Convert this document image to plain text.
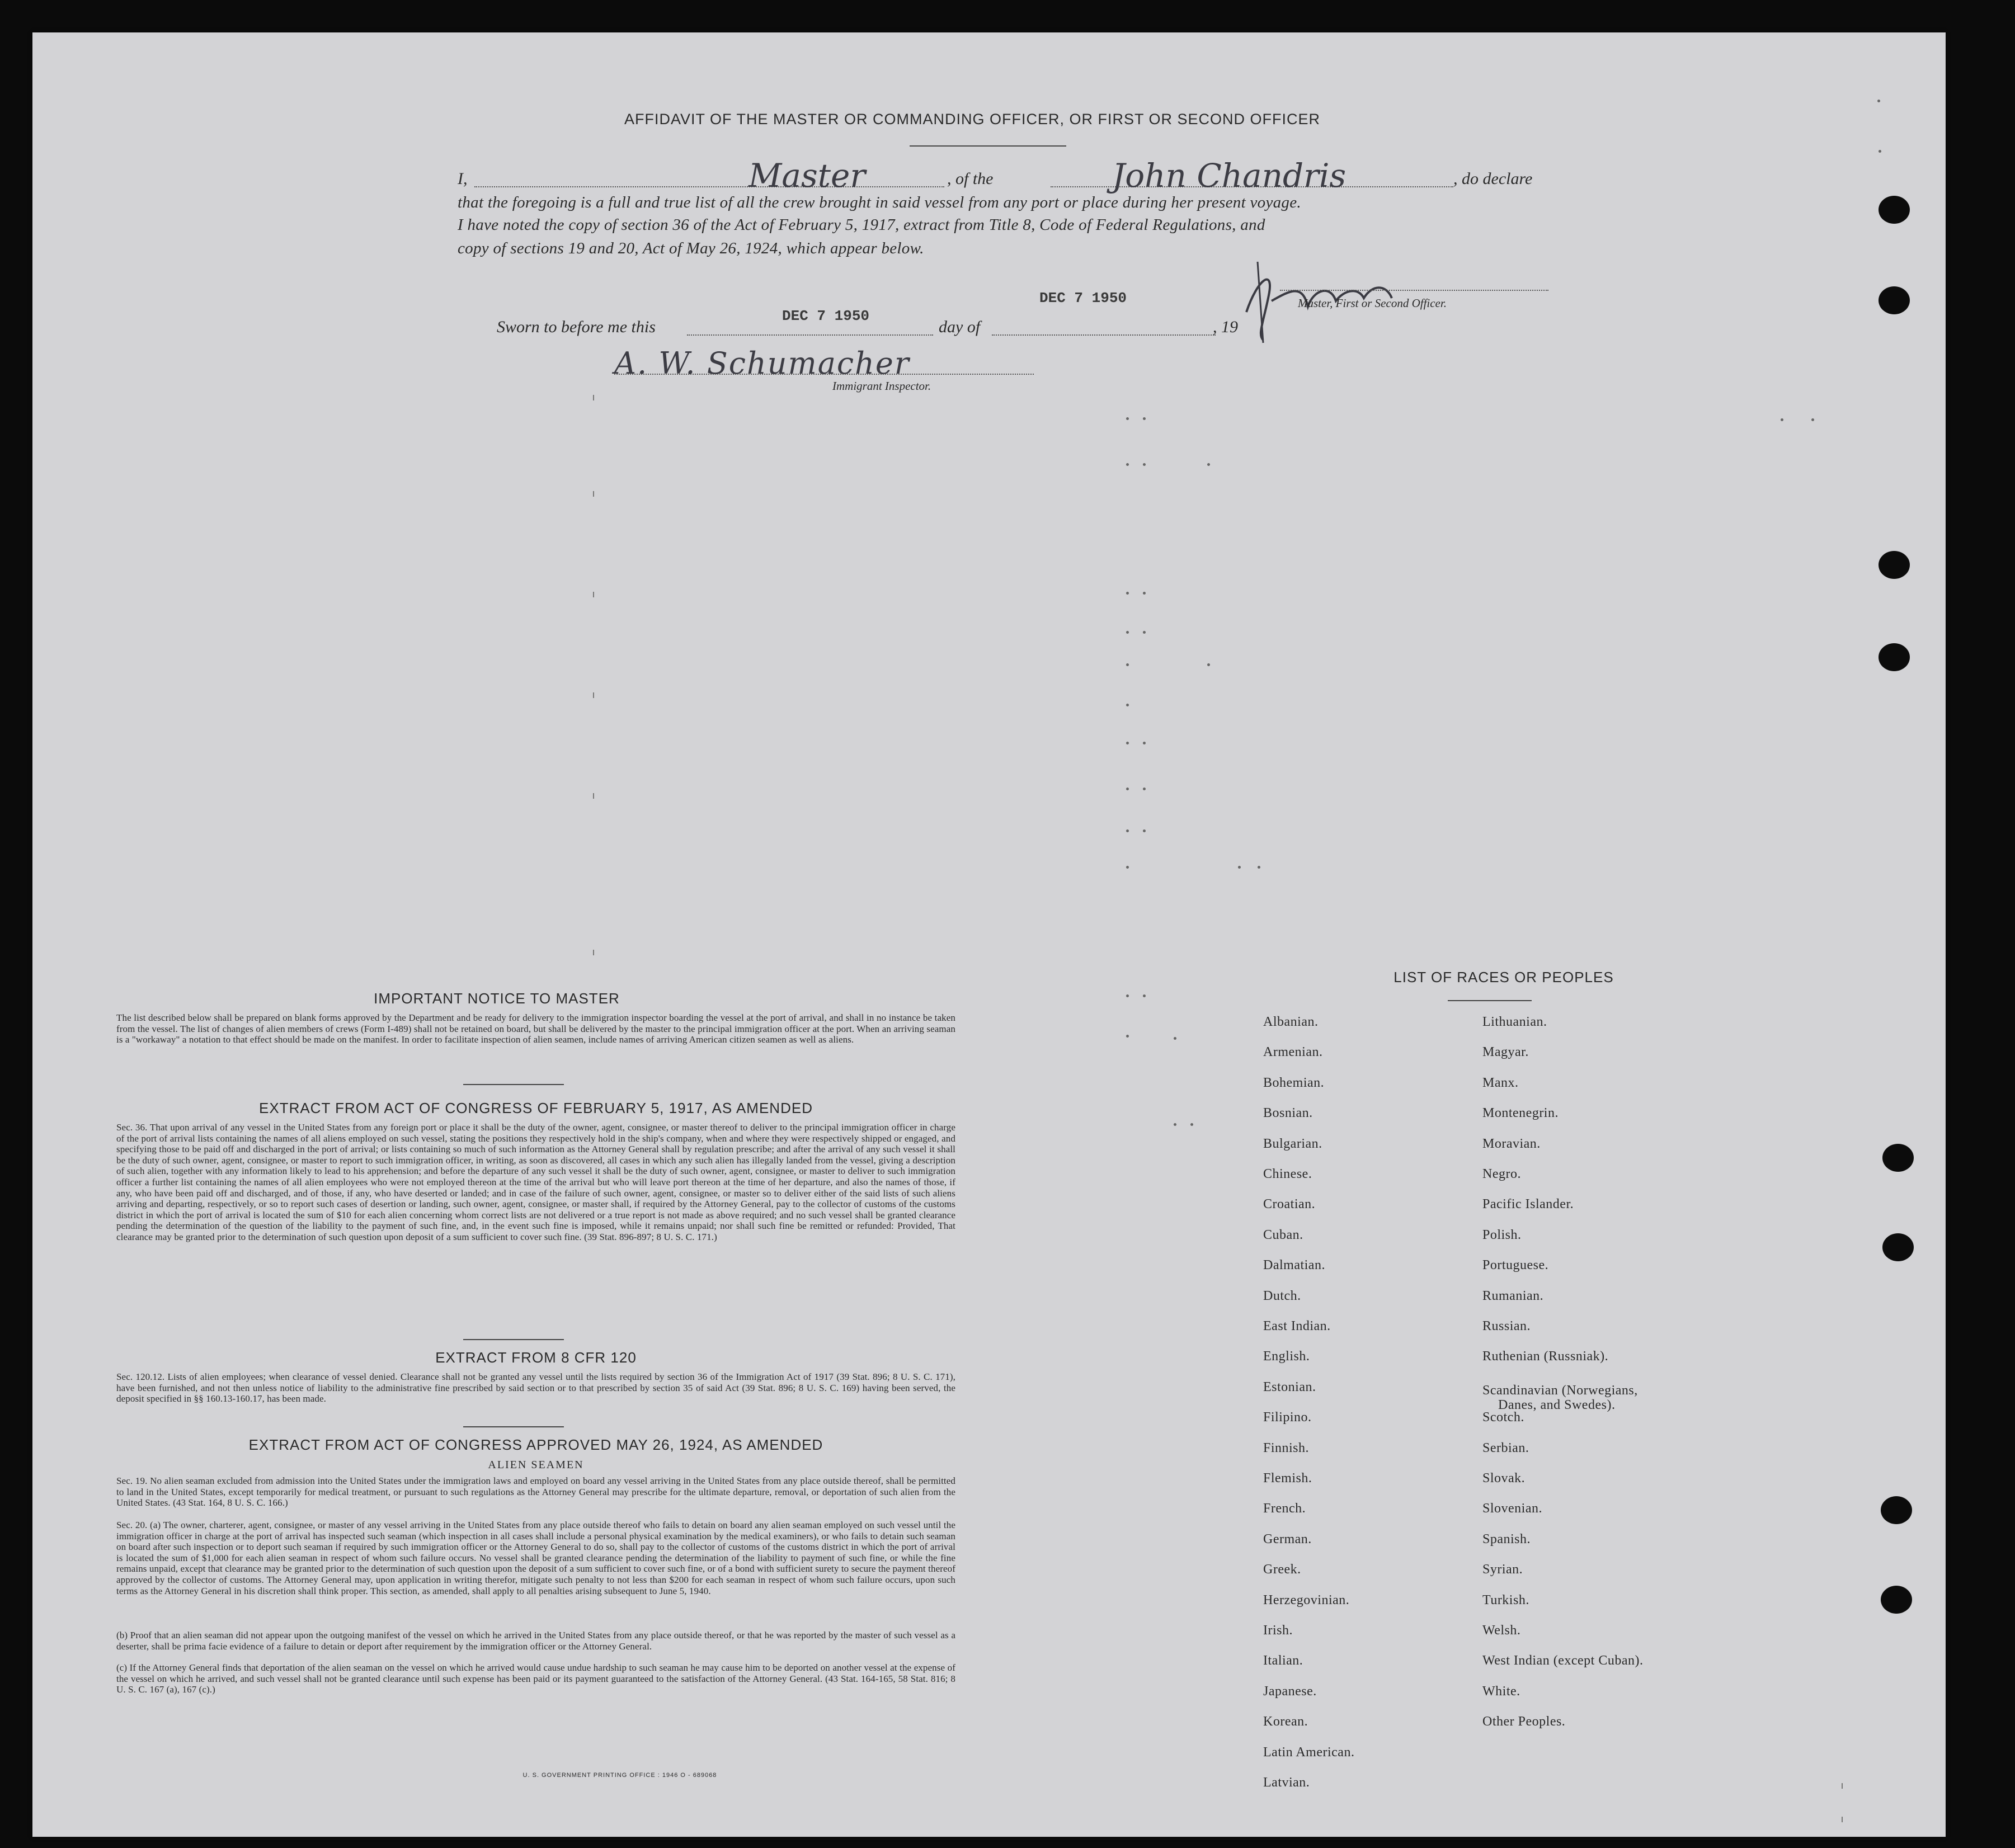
AFFIDAVIT OF THE MASTER OR COMMANDING OFFICER, OR FIRST OR SECOND OFFICER
I,	Master	, of the	John Chandris	, do declare
that the foregoing is a full and true list of all the crew brought in said vessel from any port or place during her present voyage.
I have noted the copy of section 36 of the Act of February 5, 1917, extract from Title 8, Code of Federal Regulations, and
copy of sections 19 and 20, Act of May 26, 1924, which appear below.
Master, First or Second Officer.
Sworn to before me this
DEC 7 1950
day of
DEC 7 1950
, 19
A. W. Schumacher
Immigrant Inspector.
IMPORTANT NOTICE TO MASTER
The list described below shall be prepared on blank forms approved by the Department and be ready for delivery to the immigration inspector boarding the vessel at the port of arrival, and shall in no instance be taken from the vessel. The list of changes of alien members of crews (Form I-489) shall not be retained on board, but shall be delivered by the master to the principal immigration officer at the port. When an arriving seaman is a "workaway" a notation to that effect should be made on the manifest. In order to facilitate inspection of alien seamen, include names of arriving American citizen seamen as well as aliens.
EXTRACT FROM ACT OF CONGRESS OF FEBRUARY 5, 1917, AS AMENDED
Sec. 36. That upon arrival of any vessel in the United States from any foreign port or place it shall be the duty of the owner, agent, consignee, or master thereof to deliver to the principal immigration officer in charge of the port of arrival lists containing the names of all aliens employed on such vessel, stating the positions they respectively hold in the ship's company, when and where they were respectively shipped or engaged, and specifying those to be paid off and discharged in the port of arrival; or lists containing so much of such information as the Attorney General shall by regulation prescribe; and after the arrival of any such vessel it shall be the duty of such owner, agent, consignee, or master to report to such immigration officer, in writing, as soon as discovered, all cases in which any such alien has illegally landed from the vessel, giving a description of such alien, together with any information likely to lead to his apprehension; and before the departure of any such vessel it shall be the duty of such owner, agent, consignee, or master to deliver to such immigration officer a further list containing the names of all alien employees who were not employed thereon at the time of the arrival but who will leave port thereon at the time of her departure, and also the names of those, if any, who have been paid off and discharged, and of those, if any, who have deserted or landed; and in case of the failure of such owner, agent, consignee, or master so to deliver either of the said lists of such aliens arriving and departing, respectively, or so to report such cases of desertion or landing, such owner, agent, consignee, or master shall, if required by the Attorney General, pay to the collector of customs of the customs district in which the port of arrival is located the sum of $10 for each alien concerning whom correct lists are not delivered or a true report is not made as above required; and no such vessel shall be granted clearance pending the determination of the question of the liability to the payment of such fine, and, in the event such fine is imposed, while it remains unpaid; nor shall such fine be remitted or refunded: Provided, That clearance may be granted prior to the determination of such question upon deposit of a sum sufficient to cover such fine. (39 Stat. 896-897; 8 U. S. C. 171.)
EXTRACT FROM 8 CFR 120
Sec. 120.12. Lists of alien employees; when clearance of vessel denied. Clearance shall not be granted any vessel until the lists required by section 36 of the Immigration Act of 1917 (39 Stat. 896; 8 U. S. C. 171), have been furnished, and not then unless notice of liability to the administrative fine prescribed by said section or to that prescribed by section 35 of said Act (39 Stat. 896; 8 U. S. C. 169) having been served, the deposit specified in §§ 160.13-160.17, has been made.
EXTRACT FROM ACT OF CONGRESS APPROVED MAY 26, 1924, AS AMENDED
ALIEN SEAMEN
Sec. 19. No alien seaman excluded from admission into the United States under the immigration laws and employed on board any vessel arriving in the United States from any place outside thereof, shall be permitted to land in the United States, except temporarily for medical treatment, or pursuant to such regulations as the Attorney General may prescribe for the ultimate departure, removal, or deportation of such alien from the United States. (43 Stat. 164, 8 U. S. C. 166.)
Sec. 20. (a) The owner, charterer, agent, consignee, or master of any vessel arriving in the United States from any place outside thereof who fails to detain on board any alien seaman employed on such vessel until the immigration officer in charge at the port of arrival has inspected such seaman (which inspection in all cases shall include a personal physical examination by the medical examiners), or who fails to detain such seaman on board after such inspection or to deport such seaman if required by such immigration officer or the Attorney General to do so, shall pay to the collector of customs of the customs district in which the port of arrival is located the sum of $1,000 for each alien seaman in respect of whom such failure occurs. No vessel shall be granted clearance pending the determination of the liability to payment of such fine, or while the fine remains unpaid, except that clearance may be granted prior to the determination of such question upon the deposit of a sum sufficient to cover such fine, or of a bond with sufficient surety to secure the payment thereof approved by the collector of customs. The Attorney General may, upon application in writing therefor, mitigate such penalty to not less than $200 for each seaman in respect of whom such failure occurs, upon such terms as the Attorney General in his discretion shall think proper. This section, as amended, shall apply to all penalties arising subsequent to June 5, 1940.
(b) Proof that an alien seaman did not appear upon the outgoing manifest of the vessel on which he arrived in the United States from any place outside thereof, or that he was reported by the master of such vessel as a deserter, shall be prima facie evidence of a failure to detain or deport after requirement by the immigration officer or the Attorney General.
(c) If the Attorney General finds that deportation of the alien seaman on the vessel on which he arrived would cause undue hardship to such seaman he may cause him to be deported on another vessel at the expense of the vessel on which he arrived, and such vessel shall not be granted clearance until such expense has been paid or its payment guaranteed to the satisfaction of the Attorney General. (43 Stat. 164-165, 58 Stat. 816; 8 U. S. C. 167 (a), 167 (c).)
U. S. GOVERNMENT PRINTING OFFICE : 1946 O - 689068
LIST OF RACES OR PEOPLES
Albanian.
Armenian.
Bohemian.
Bosnian.
Bulgarian.
Chinese.
Croatian.
Cuban.
Dalmatian.
Dutch.
East Indian.
English.
Estonian.
Filipino.
Finnish.
Flemish.
French.
German.
Greek.
Herzegovinian.
Irish.
Italian.
Japanese.
Korean.
Latin American.
Latvian.
Lithuanian.
Magyar.
Manx.
Montenegrin.
Moravian.
Negro.
Pacific Islander.
Polish.
Portuguese.
Rumanian.
Russian.
Ruthenian (Russniak).
Scandinavian (Norwegians,
Danes, and Swedes).
Scotch.
Serbian.
Slovak.
Slovenian.
Spanish.
Syrian.
Turkish.
Welsh.
West Indian (except Cuban).
White.
Other Peoples.
